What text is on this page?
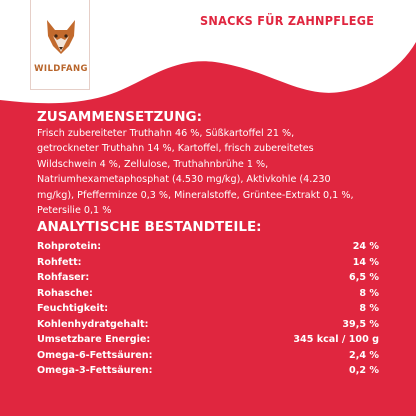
WILDFANG
SNACKS FÜR ZAHNPFLEGE
ZUSAMMENSETZUNG:
Frisch zubereiteter Truthahn 46 %, Süßkartoffel 21 %,
getrockneter Truthahn 14 %, Kartoffel, frisch zubereitetes
Wildschwein 4 %, Zellulose, Truthahnbrühe 1 %,
Natriumhexametaphosphat (4.530 mg/kg), Aktivkohle (4.230
mg/kg), Pfefferminze 0,3 %, Mineralstoffe, Grüntee-Extrakt 0,1 %,
Petersilie 0,1 %
ANALYTISCHE BESTANDTEILE:
Rohprotein:	24 %
Rohfett:	14 %
Rohfaser:	6,5 %
Rohasche:	8 %
Feuchtigkeit:	8 %
Kohlenhydratgehalt:	39,5 %
Umsetzbare Energie:	345 kcal / 100 g
Omega-6-Fettsäuren:	2,4 %
Omega-3-Fettsäuren:	0,2 %
